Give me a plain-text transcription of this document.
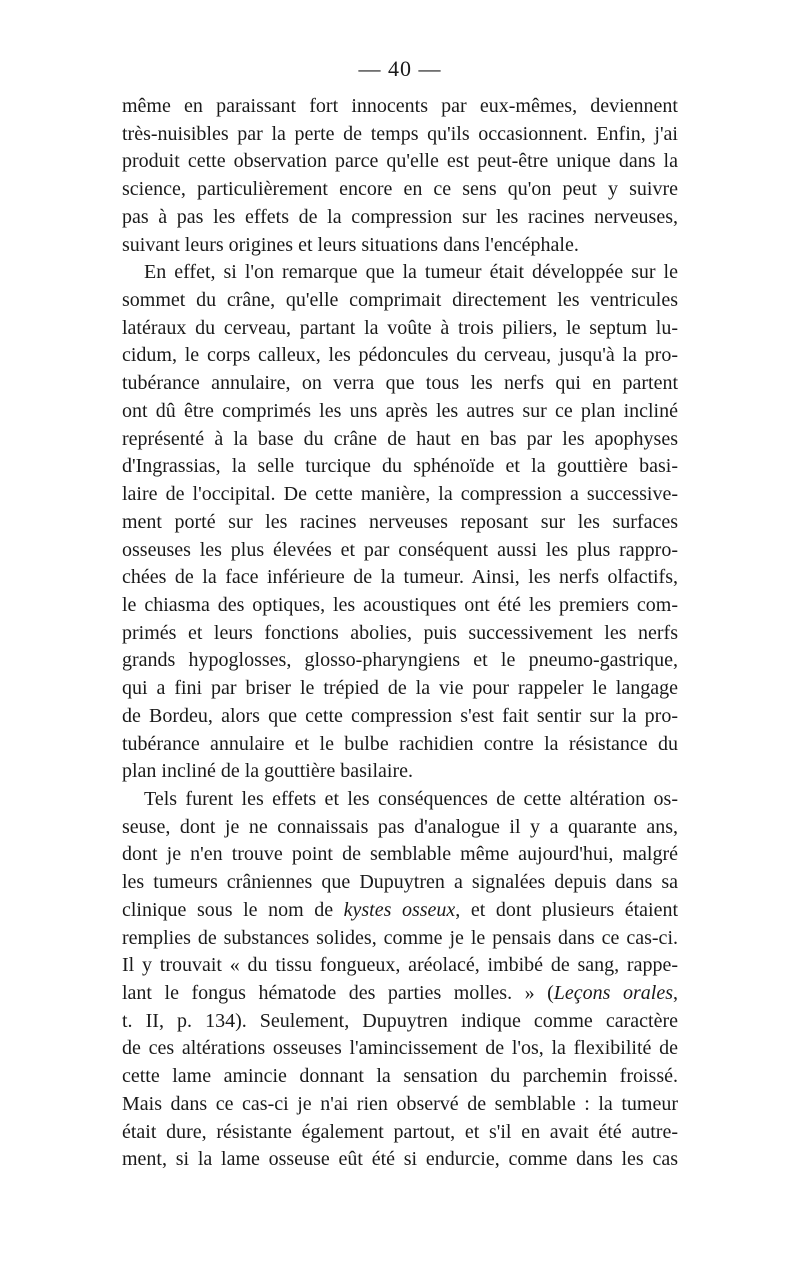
— 40 —
même en paraissant fort innocents par eux-mêmes, deviennent
très-nuisibles par la perte de temps qu'ils occasionnent. Enfin, j'ai
produit cette observation parce qu'elle est peut-être unique dans la
science, particulièrement encore en ce sens qu'on peut y suivre
pas à pas les effets de la compression sur les racines nerveuses,
suivant leurs origines et leurs situations dans l'encéphale.
En effet, si l'on remarque que la tumeur était développée sur le
sommet du crâne, qu'elle comprimait directement les ventricules
latéraux du cerveau, partant la voûte à trois piliers, le septum lu-
cidum, le corps calleux, les pédoncules du cerveau, jusqu'à la pro-
tubérance annulaire, on verra que tous les nerfs qui en partent
ont dû être comprimés les uns après les autres sur ce plan incliné
représenté à la base du crâne de haut en bas par les apophyses
d'Ingrassias, la selle turcique du sphénoïde et la gouttière basi-
laire de l'occipital. De cette manière, la compression a successive-
ment porté sur les racines nerveuses reposant sur les surfaces
osseuses les plus élevées et par conséquent aussi les plus rappro-
chées de la face inférieure de la tumeur. Ainsi, les nerfs olfactifs,
le chiasma des optiques, les acoustiques ont été les premiers com-
primés et leurs fonctions abolies, puis successivement les nerfs
grands hypoglosses, glosso-pharyngiens et le pneumo-gastrique,
qui a fini par briser le trépied de la vie pour rappeler le langage
de Bordeu, alors que cette compression s'est fait sentir sur la pro-
tubérance annulaire et le bulbe rachidien contre la résistance du
plan incliné de la gouttière basilaire.
Tels furent les effets et les conséquences de cette altération os-
seuse, dont je ne connaissais pas d'analogue il y a quarante ans,
dont je n'en trouve point de semblable même aujourd'hui, malgré
les tumeurs crâniennes que Dupuytren a signalées depuis dans sa
clinique sous le nom de kystes osseux, et dont plusieurs étaient
remplies de substances solides, comme je le pensais dans ce cas-ci.
Il y trouvait « du tissu fongueux, aréolacé, imbibé de sang, rappe-
lant le fongus hématode des parties molles. » (Leçons orales,
t. II, p. 134). Seulement, Dupuytren indique comme caractère
de ces altérations osseuses l'amincissement de l'os, la flexibilité de
cette lame amincie donnant la sensation du parchemin froissé.
Mais dans ce cas-ci je n'ai rien observé de semblable : la tumeur
était dure, résistante également partout, et s'il en avait été autre-
ment, si la lame osseuse eût été si endurcie, comme dans les cas
